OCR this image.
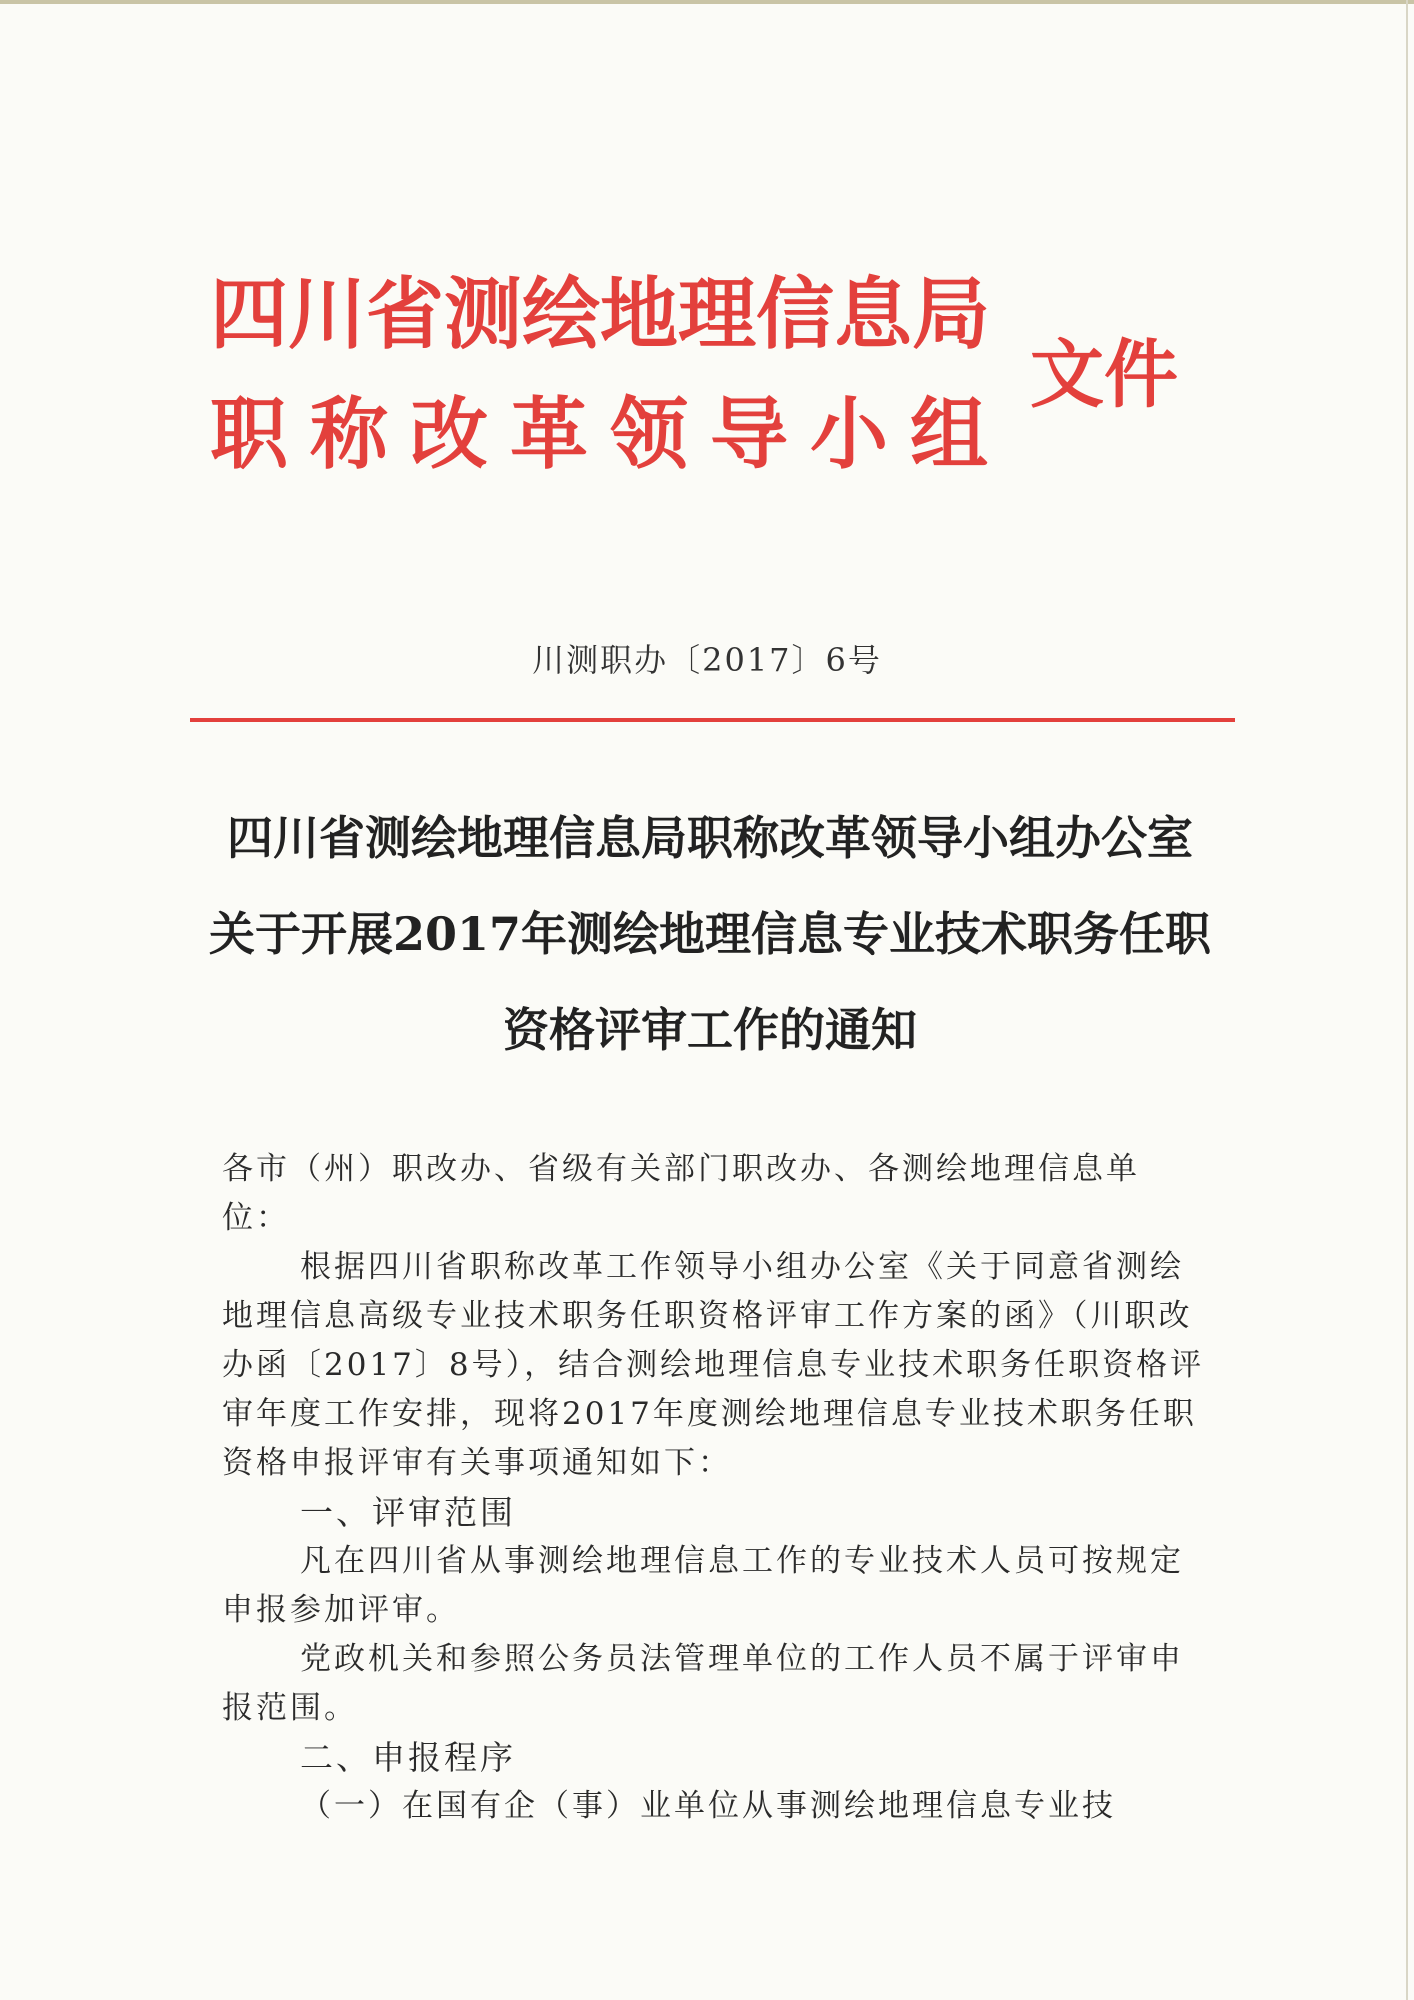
四川省测绘地理信息局
职称改革领导小组
文件
川测职办〔2017〕6号
四川省测绘地理信息局职称改革领导小组办公室
关于开展2017年测绘地理信息专业技术职务任职
资格评审工作的通知

各市（州）职改办、省级有关部门职改办、各测绘地理信息单位：

根据四川省职称改革工作领导小组办公室《关于同意省测绘地理信息高级专业技术职务任职资格评审工作方案的函》（川职改办函〔2017〕8号），结合测绘地理信息专业技术职务任职资格评审年度工作安排，现将2017年度测绘地理信息专业技术职务任职资格申报评审有关事项通知如下：

一、评审范围

凡在四川省从事测绘地理信息工作的专业技术人员可按规定申报参加评审。

党政机关和参照公务员法管理单位的工作人员不属于评审申报范围。

二、申报程序

（一）在国有企（事）业单位从事测绘地理信息专业技
